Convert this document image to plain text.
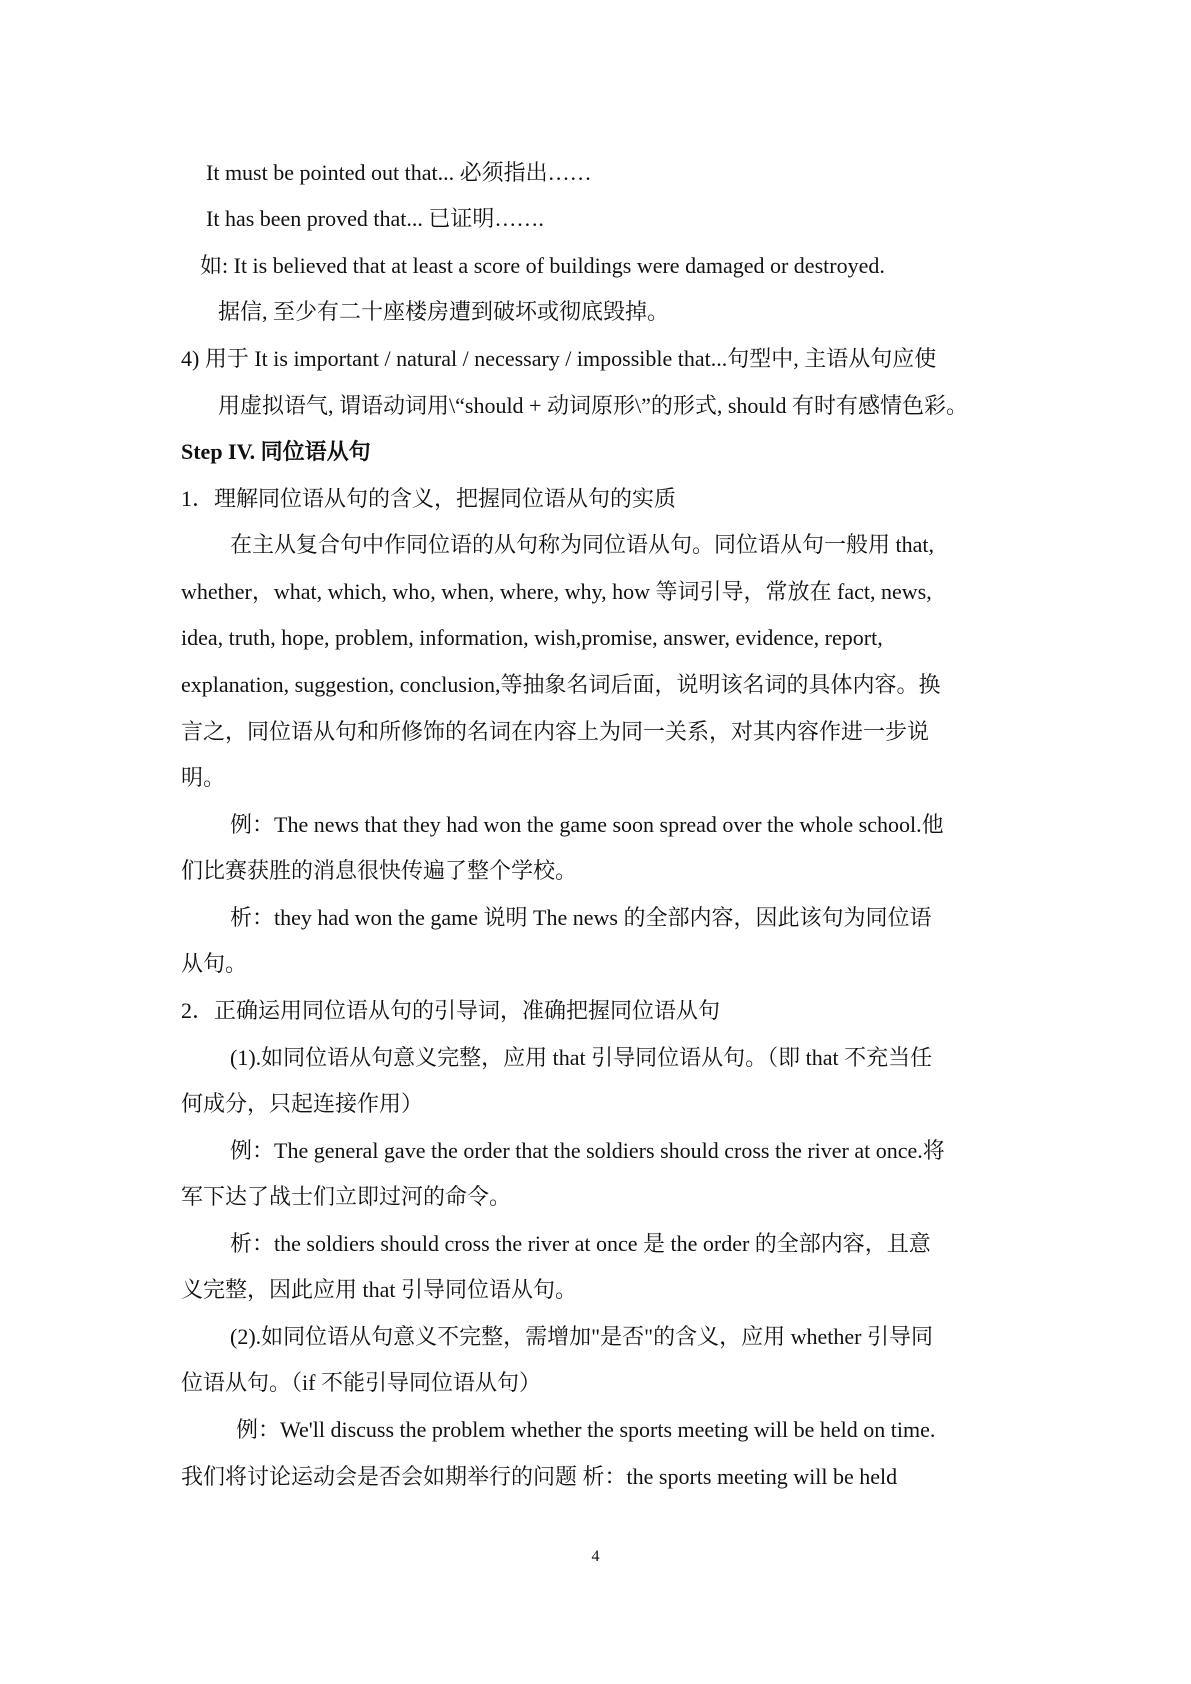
It must be pointed out that... 必须指出……
It has been proved that... 已证明…….
如: It is believed that at least a score of buildings were damaged or destroyed.
据信, 至少有二十座楼房遭到破坏或彻底毁掉。
4) 用于 It is important / natural / necessary / impossible that...句型中, 主语从句应使
用虚拟语气, 谓语动词用\“should + 动词原形\”的形式, should 有时有感情色彩。
Step IV. 同位语从句
1．理解同位语从句的含义，把握同位语从句的实质
在主从复合句中作同位语的从句称为同位语从句。同位语从句一般用 that,
whether，what, which, who, when, where, why, how 等词引导，常放在 fact, news,
idea, truth, hope, problem, information, wish,promise, answer, evidence, report,
explanation, suggestion, conclusion,等抽象名词后面，说明该名词的具体内容。换
言之，同位语从句和所修饰的名词在内容上为同一关系，对其内容作进一步说
明。
例：The news that they had won the game soon spread over the whole school.他
们比赛获胜的消息很快传遍了整个学校。
析：they had won the game 说明 The news 的全部内容，因此该句为同位语
从句。
2．正确运用同位语从句的引导词，准确把握同位语从句
(1).如同位语从句意义完整，应用 that 引导同位语从句。（即 that 不充当任
何成分，只起连接作用）
例：The general gave the order that the soldiers should cross the river at once.将
军下达了战士们立即过河的命令。
析：the soldiers should cross the river at once 是 the order 的全部内容，且意
义完整，因此应用 that 引导同位语从句。
(2).如同位语从句意义不完整，需增加"是否"的含义，应用 whether 引导同
位语从句。（if 不能引导同位语从句）
例：We'll discuss the problem whether the sports meeting will be held on time.
我们将讨论运动会是否会如期举行的问题 析：the sports meeting will be held
4
